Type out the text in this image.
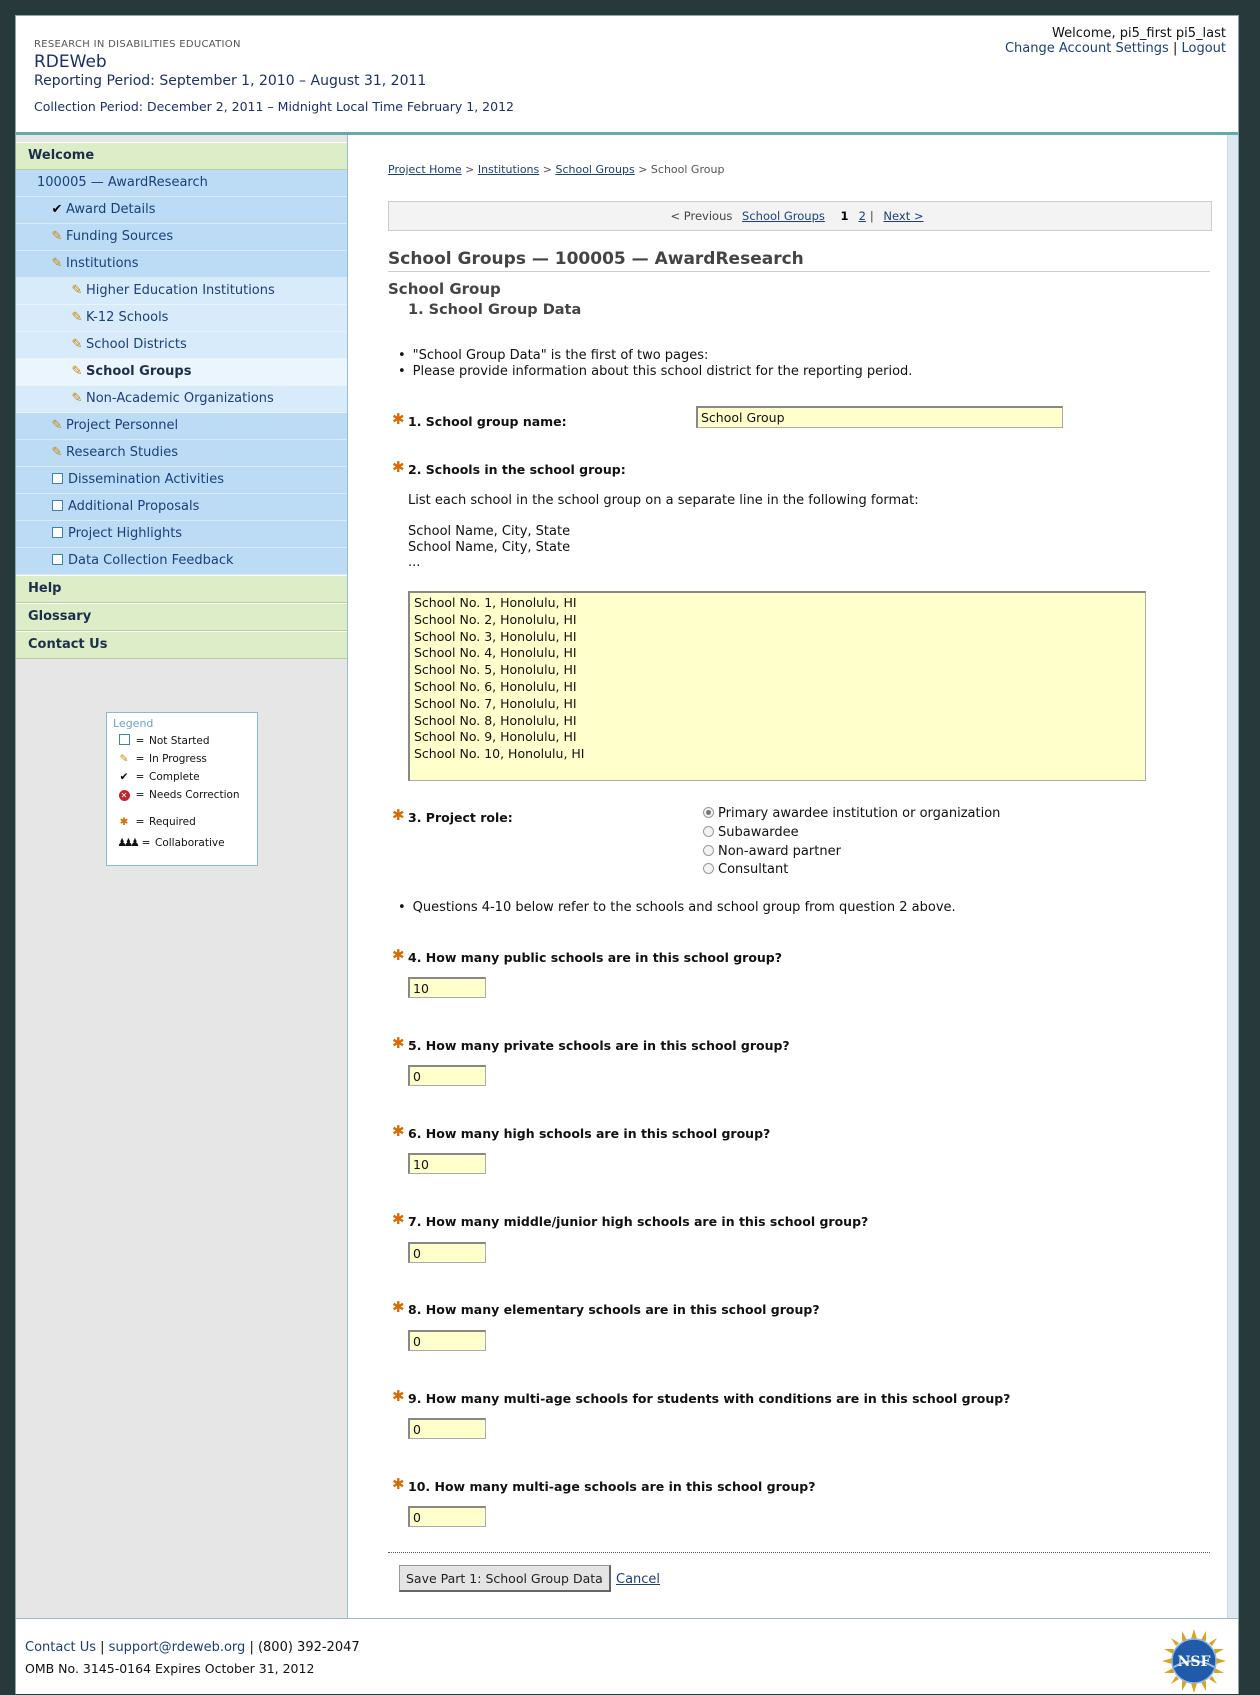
RESEARCH IN DISABILITIES EDUCATION
RDEWeb
Reporting Period: September 1, 2010 – August 31, 2011
Collection Period: December 2, 2011 – Midnight Local Time February 1, 2012
Welcome, pi5_first pi5_last
Change Account Settings | Logout
Welcome
100005 — AwardResearch
✔ Award Details
✎ Funding Sources
✎ Institutions
✎ Higher Education Institutions
✎ K-12 Schools
✎ School Districts
✎ School Groups
✎ Non-Academic Organizations
✎ Project Personnel
✎ Research Studies
Dissemination Activities
Additional Proposals
Project Highlights
Data Collection Feedback
Help
Glossary
Contact Us
Legend
= Not Started
✎ = In Progress
✔ = Complete
✕ = Needs Correction
✱ = Required
♟♟♟ = Collaborative
Project Home > Institutions > School Groups > School Group
< Previous School Groups 1 2 | Next >
School Groups — 100005 — AwardResearch
School Group
1. School Group Data
• "School Group Data" is the first of two pages:
• Please provide information about this school district for the reporting period.
✱ 1. School group name:
School Group
✱ 2. Schools in the school group:
List each school in the school group on a separate line in the following format:
School Name, City, State
School Name, City, State
...
School No. 1, Honolulu, HI School No. 2, Honolulu, HI School No. 3, Honolulu, HI School No. 4, Honolulu, HI School No. 5, Honolulu, HI School No. 6, Honolulu, HI School No. 7, Honolulu, HI School No. 8, Honolulu, HI School No. 9, Honolulu, HI School No. 10, Honolulu, HI
✱ 3. Project role:	Primary awardee institution or organization
Subawardee
Non-award partner
Consultant
• Questions 4-10 below refer to the schools and school group from question 2 above.
✱ 4. How many public schools are in this school group?
10
✱ 5. How many private schools are in this school group?
0
✱ 6. How many high schools are in this school group?
10
✱ 7. How many middle/junior high schools are in this school group?
0
✱ 8. How many elementary schools are in this school group?
0
✱ 9. How many multi-age schools for students with conditions are in this school group?
0
✱ 10. How many multi-age schools are in this school group?
0
Save Part 1: School Group Data	Cancel
Contact Us | support@rdeweb.org | (800) 392-2047
OMB No. 3145-0164 Expires October 31, 2012	NSF
